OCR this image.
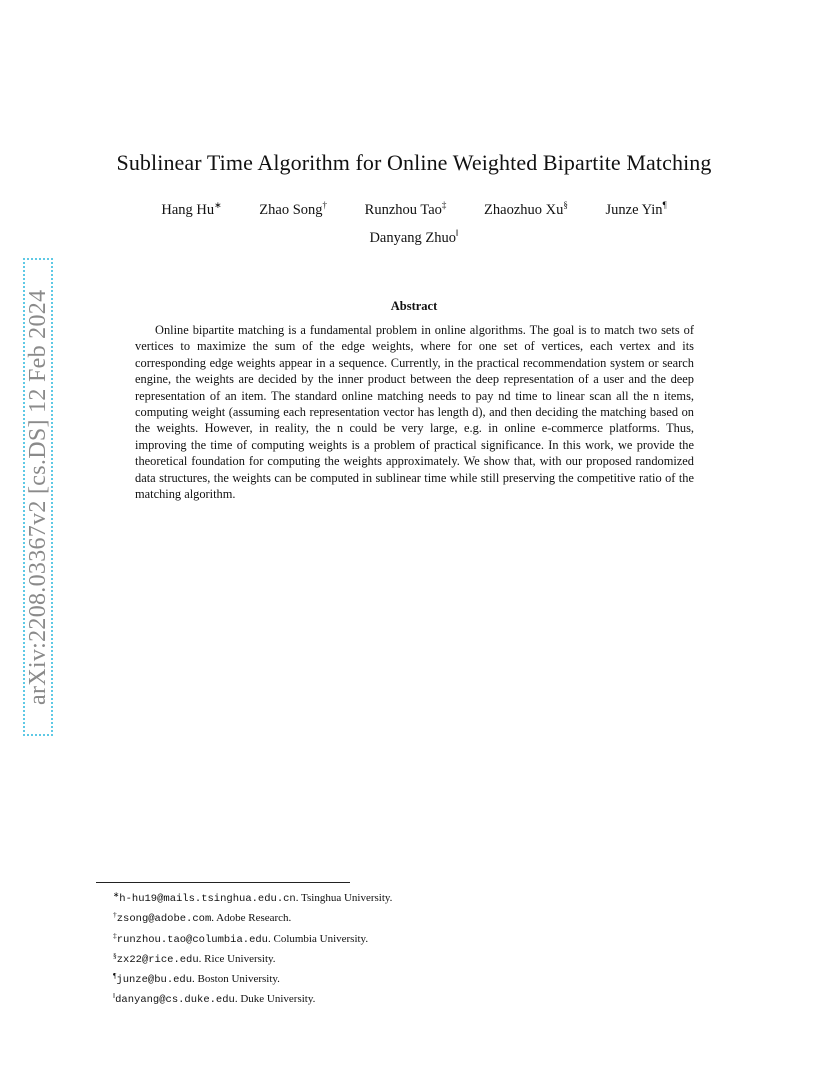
arXiv:2208.03367v2 [cs.DS] 12 Feb 2024
Sublinear Time Algorithm for Online Weighted Bipartite Matching
Hang Hu∗	Zhao Song†	Runzhou Tao‡	Zhaozhuo Xu§	Junze Yin¶
Danyang Zhuo‖
Abstract
Online bipartite matching is a fundamental problem in online algorithms. The goal is to match two sets of vertices to maximize the sum of the edge weights, where for one set of vertices, each vertex and its corresponding edge weights appear in a sequence. Currently, in the practical recommendation system or search engine, the weights are decided by the inner product between the deep representation of a user and the deep representation of an item. The standard online matching needs to pay nd time to linear scan all the n items, computing weight (assuming each representation vector has length d), and then deciding the matching based on the weights. However, in reality, the n could be very large, e.g. in online e-commerce platforms. Thus, improving the time of computing weights is a problem of practical significance. In this work, we provide the theoretical foundation for computing the weights approximately. We show that, with our proposed randomized data structures, the weights can be computed in sublinear time while still preserving the competitive ratio of the matching algorithm.
∗h-hu19@mails.tsinghua.edu.cn. Tsinghua University.
†zsong@adobe.com. Adobe Research.
‡runzhou.tao@columbia.edu. Columbia University.
§zx22@rice.edu. Rice University.
¶junze@bu.edu. Boston University.
‖danyang@cs.duke.edu. Duke University.
